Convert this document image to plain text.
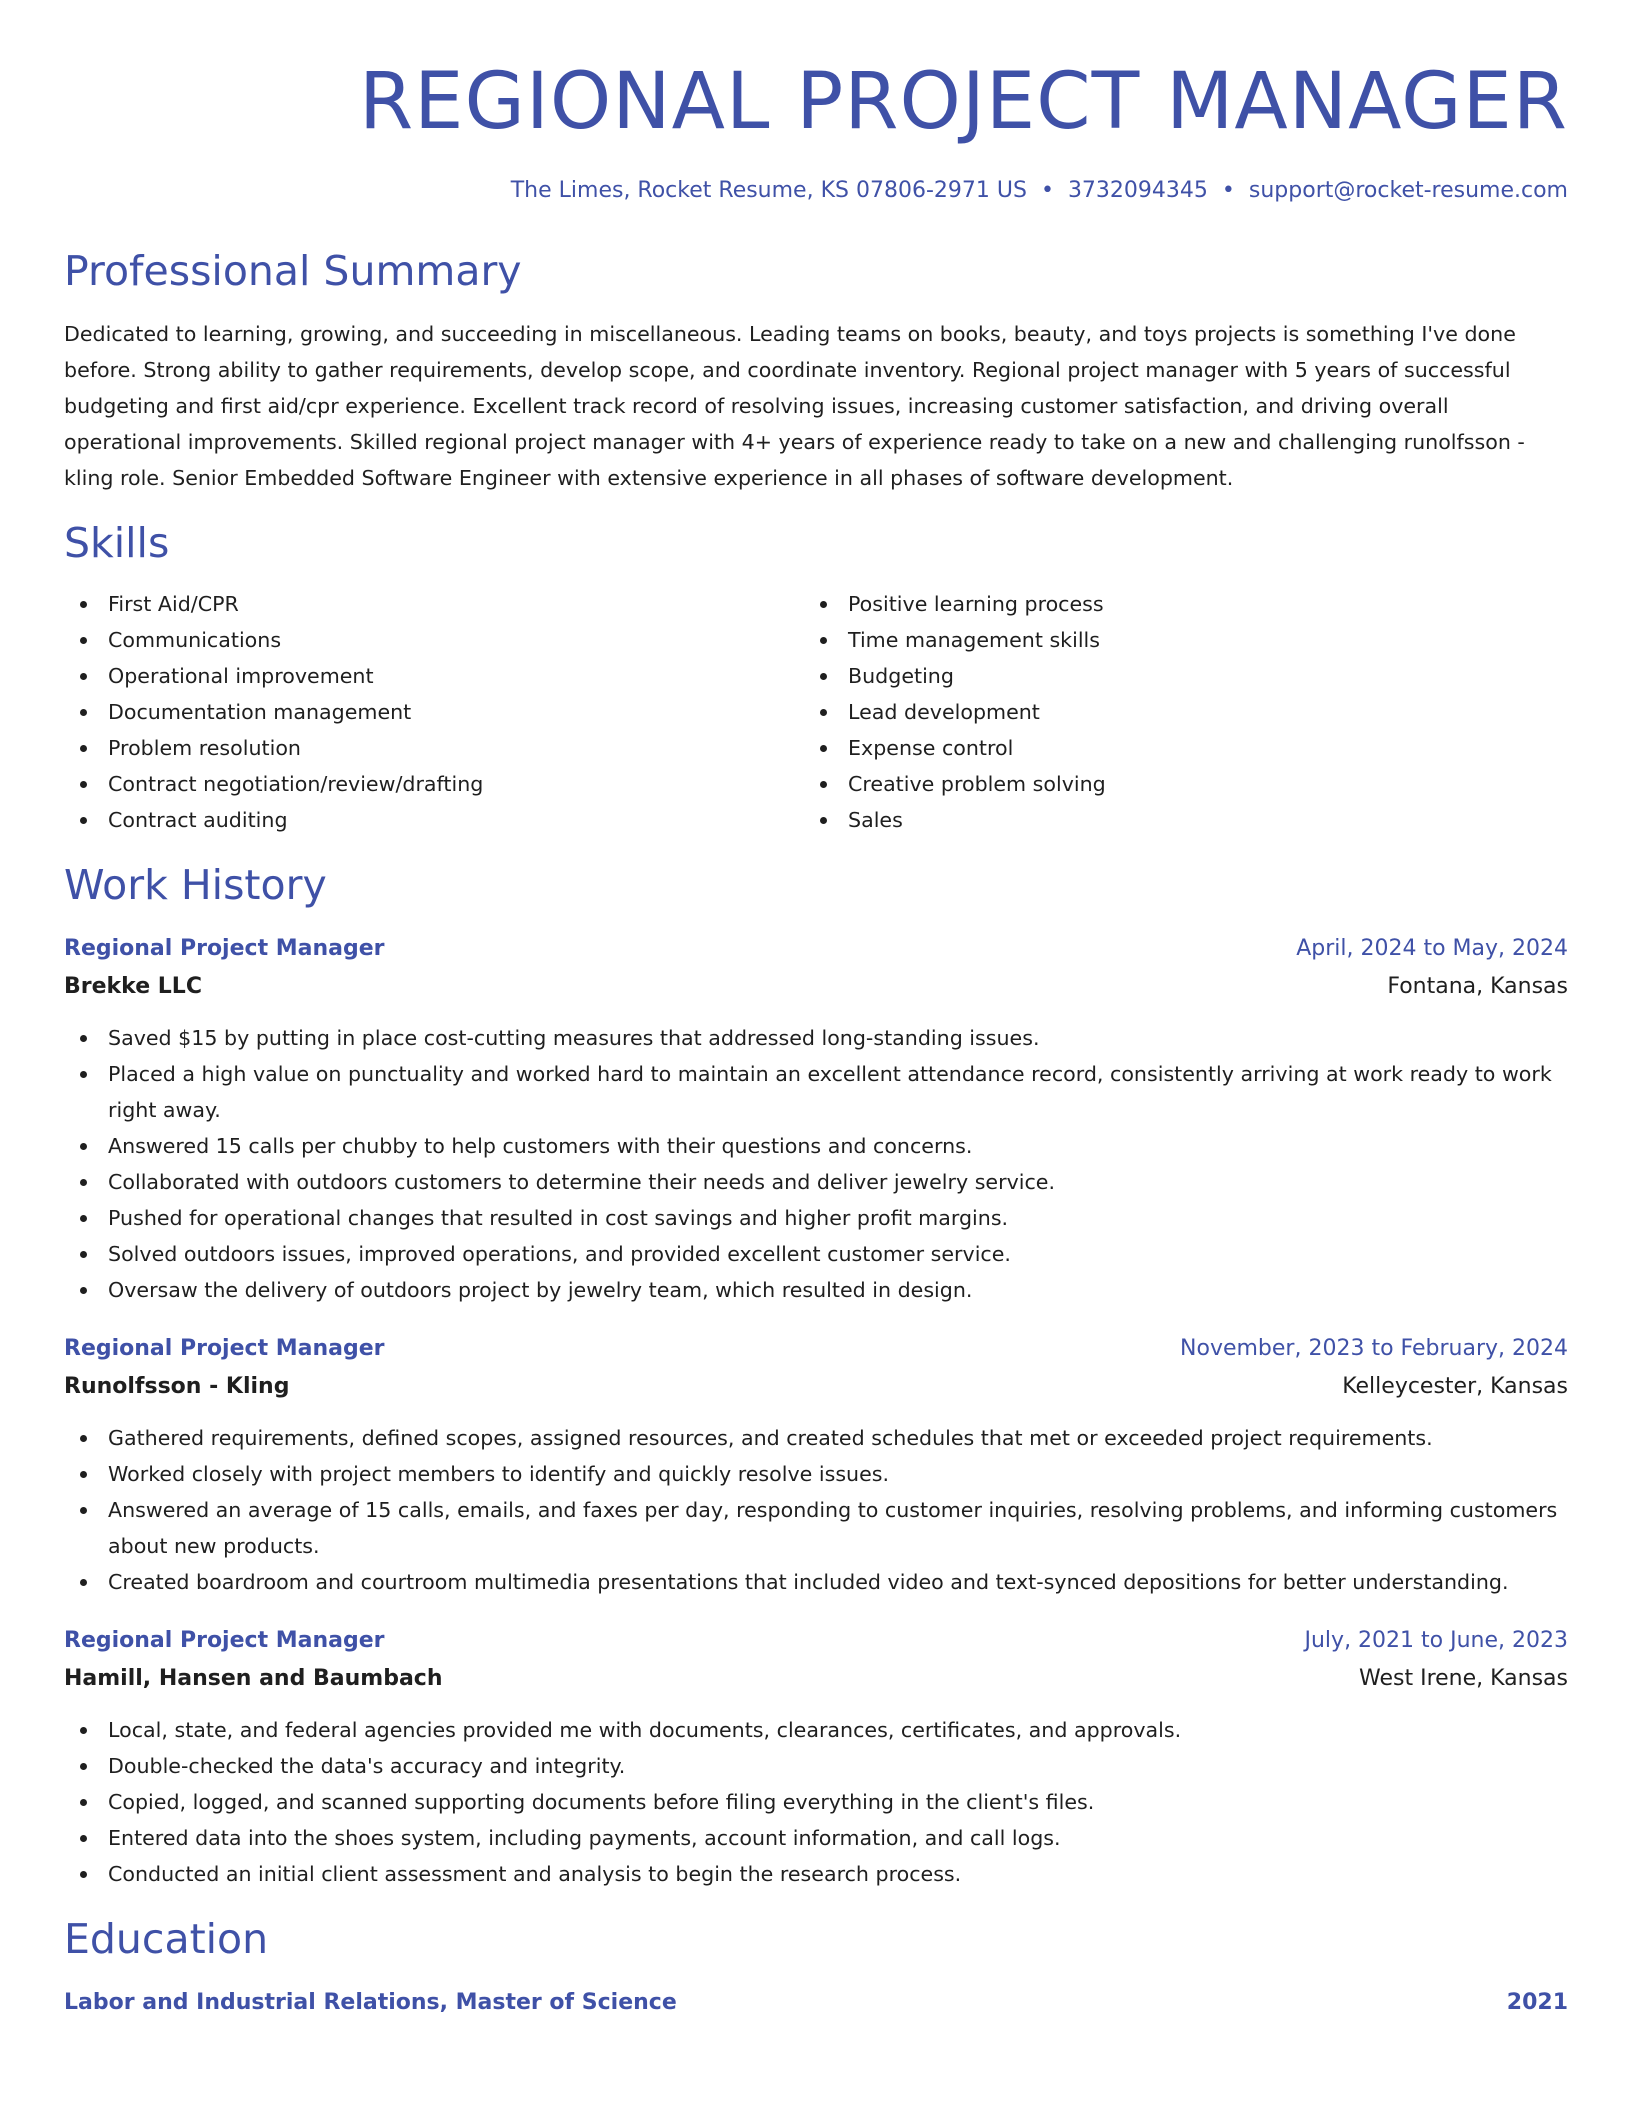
REGIONAL PROJECT MANAGER
The Limes, Rocket Resume, KS 07806-2971 US • 3732094345 • support@rocket-resume.com
Professional Summary

Dedicated to learning, growing, and succeeding in miscellaneous. Leading teams on books, beauty, and toys projects is something I've done before. Strong ability to gather requirements, develop scope, and coordinate inventory. Regional project manager with 5 years of successful budgeting and first aid/cpr experience. Excellent track record of resolving issues, increasing customer satisfaction, and driving overall operational improvements. Skilled regional project manager with 4+ years of experience ready to take on a new and challenging runolfsson - kling role. Senior Embedded Software Engineer with extensive experience in all phases of software development.

Skills
First Aid/CPR
Communications
Operational improvement
Documentation management
Problem resolution
Contract negotiation/review/drafting
Contract auditing
Positive learning process
Time management skills
Budgeting
Lead development
Expense control
Creative problem solving
Sales
Work History
Regional Project Manager	April, 2024 to May, 2024
Brekke LLC	Fontana, Kansas
Saved $15 by putting in place cost-cutting measures that addressed long-standing issues.
Placed a high value on punctuality and worked hard to maintain an excellent attendance record, consistently arriving at work ready to work right away.
Answered 15 calls per chubby to help customers with their questions and concerns.
Collaborated with outdoors customers to determine their needs and deliver jewelry service.
Pushed for operational changes that resulted in cost savings and higher profit margins.
Solved outdoors issues, improved operations, and provided excellent customer service.
Oversaw the delivery of outdoors project by jewelry team, which resulted in design.
Regional Project Manager	November, 2023 to February, 2024
Runolfsson - Kling	Kelleycester, Kansas
Gathered requirements, defined scopes, assigned resources, and created schedules that met or exceeded project requirements.
Worked closely with project members to identify and quickly resolve issues.
Answered an average of 15 calls, emails, and faxes per day, responding to customer inquiries, resolving problems, and informing customers about new products.
Created boardroom and courtroom multimedia presentations that included video and text-synced depositions for better understanding.
Regional Project Manager	July, 2021 to June, 2023
Hamill, Hansen and Baumbach	West Irene, Kansas
Local, state, and federal agencies provided me with documents, clearances, certificates, and approvals.
Double-checked the data's accuracy and integrity.
Copied, logged, and scanned supporting documents before filing everything in the client's files.
Entered data into the shoes system, including payments, account information, and call logs.
Conducted an initial client assessment and analysis to begin the research process.
Education
Labor and Industrial Relations, Master of Science	2021
